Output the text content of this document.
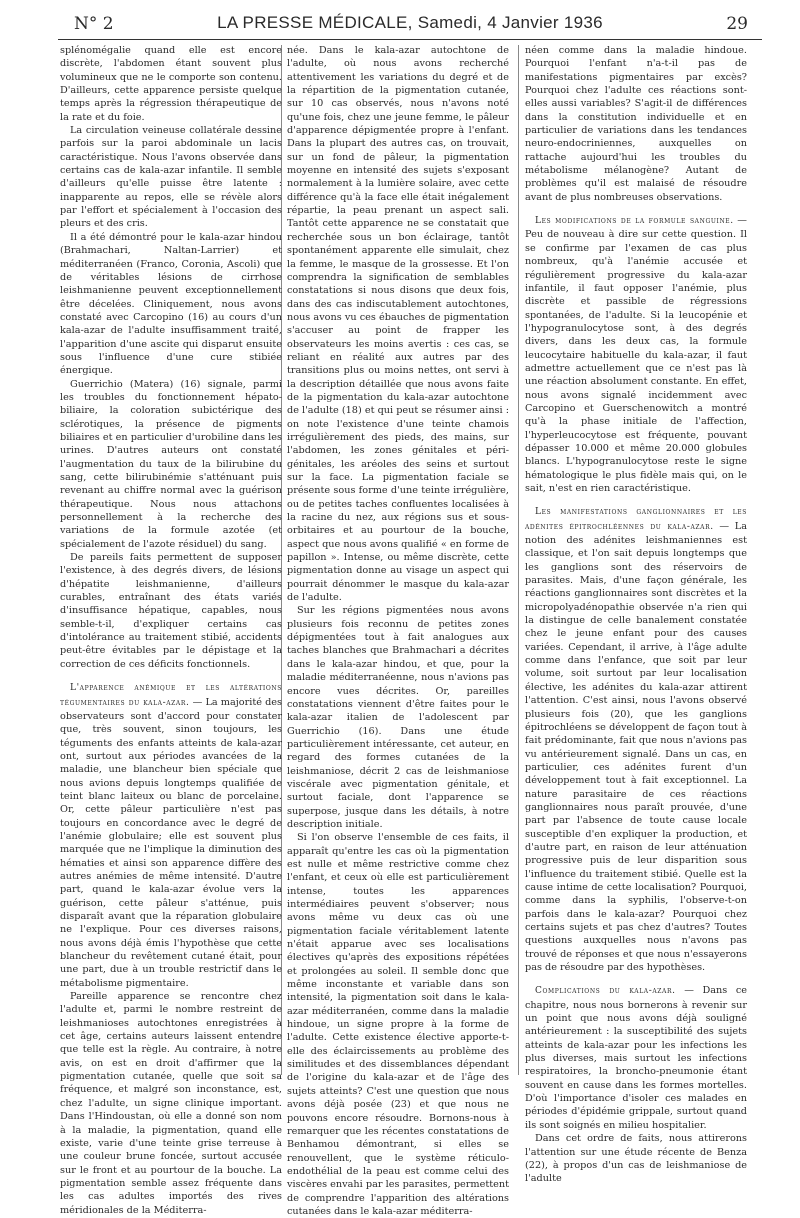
N° 2	LA PRESSE MÉDICALE, Samedi, 4 Janvier 1936	29

splénomégalie quand elle est encore discrète, l'abdomen étant souvent plus volumineux que ne le comporte son contenu. D'ailleurs, cette apparence persiste quelque temps après la régression thérapeutique de la rate et du foie.

La circulation veineuse collatérale dessine parfois sur la paroi abdominale un lacis caractéristique. Nous l'avons observée dans certains cas de kala-azar infantile. Il semble d'ailleurs qu'elle puisse être latente : inapparente au repos, elle se révèle alors par l'effort et spécialement à l'occasion des pleurs et des cris.

Il a été démontré pour le kala-azar hindou (Brahmachari, Naltan-Larrier) et méditerranéen (Franco, Coronia, Ascoli) que de véritables lésions de cirrhose leishmanienne peuvent exceptionnellement être décelées. Cliniquement, nous avons constaté avec Carcopino (16) au cours d'un kala-azar de l'adulte insuffisamment traité, l'apparition d'une ascite qui disparut ensuite sous l'influence d'une cure stibiée énergique.

Guerrichio (Matera) (16) signale, parmi les troubles du fonctionnement hépato-biliaire, la coloration subictérique des sclérotiques, la présence de pigments biliaires et en particulier d'urobiline dans les urines. D'autres auteurs ont constaté l'augmentation du taux de la bilirubine du sang, cette bilirubinémie s'atténuant puis revenant au chiffre normal avec la guérison thérapeutique. Nous nous attachons personnellement à la recherche des variations de la formule azotée (et spécialement de l'azote résiduel) du sang.

De pareils faits permettent de supposer l'existence, à des degrés divers, de lésions d'hépatite leishmanienne, d'ailleurs curables, entraînant des états variés d'insuffisance hépatique, capables, nous semble-t-il, d'expliquer certains cas d'intolérance au traitement stibié, accidents peut-être évitables par le dépistage et la correction de ces déficits fonctionnels.

L'apparence anémique et les altérations tégumentaires du kala-azar. — La majorité des observateurs sont d'accord pour constater que, très souvent, sinon toujours, les téguments des enfants atteints de kala-azar ont, surtout aux périodes avancées de la maladie, une blancheur bien spéciale que nous avions depuis longtemps qualifiée de teint blanc laiteux ou blanc de porcelaine. Or, cette pâleur particulière n'est pas toujours en concordance avec le degré de l'anémie globulaire; elle est souvent plus marquée que ne l'implique la diminution des hématies et ainsi son apparence diffère des autres anémies de même intensité. D'autre part, quand le kala-azar évolue vers la guérison, cette pâleur s'atténue, puis disparaît avant que la réparation globulaire ne l'explique. Pour ces diverses raisons, nous avons déjà émis l'hypothèse que cette blancheur du revêtement cutané était, pour une part, due à un trouble restrictif dans le métabolisme pigmentaire.

Pareille apparence se rencontre chez l'adulte et, parmi le nombre restreint de leishmanioses autochtones enregistrées à cet âge, certains auteurs laissent entendre que telle est la règle. Au contraire, à notre avis, on est en droit d'affirmer que la pigmentation cutanée, quelle que soit sa fréquence, et malgré son inconstance, est, chez l'adulte, un signe clinique important. Dans l'Hindoustan, où elle a donné son nom à la maladie, la pigmentation, quand elle existe, varie d'une teinte grise terreuse à une couleur brune foncée, surtout accusée sur le front et au pourtour de la bouche. La pigmentation semble assez fréquente dans les cas adultes importés des rives méridionales de la Méditerra-

née. Dans le kala-azar autochtone de l'adulte, où nous avons recherché attentivement les variations du degré et de la répartition de la pigmentation cutanée, sur 10 cas observés, nous n'avons noté qu'une fois, chez une jeune femme, le pâleur d'apparence dépigmentée propre à l'enfant. Dans la plupart des autres cas, on trouvait, sur un fond de pâleur, la pigmentation moyenne en intensité des sujets s'exposant normalement à la lumière solaire, avec cette différence qu'à la face elle était inégalement répartie, la peau prenant un aspect sali. Tantôt cette apparence ne se constatait que recherchée sous un bon éclairage, tantôt spontanément apparente elle simulait, chez la femme, le masque de la grossesse. Et l'on comprendra la signification de semblables constatations si nous disons que deux fois, dans des cas indiscutablement autochtones, nous avons vu ces ébauches de pigmentation s'accuser au point de frapper les observateurs les moins avertis : ces cas, se reliant en réalité aux autres par des transitions plus ou moins nettes, ont servi à la description détaillée que nous avons faite de la pigmentation du kala-azar autochtone de l'adulte (18) et qui peut se résumer ainsi : on note l'existence d'une teinte chamois irrégulièrement des pieds, des mains, sur l'abdomen, les zones génitales et péri-génitales, les aréoles des seins et surtout sur la face. La pigmentation faciale se présente sous forme d'une teinte irrégulière, ou de petites taches confluentes localisées à la racine du nez, aux régions sus et sous-orbitaires et au pourtour de la bouche, aspect que nous avons qualifié « en forme de papillon ». Intense, ou même discrète, cette pigmentation donne au visage un aspect qui pourrait dénommer le masque du kala-azar de l'adulte.

Sur les régions pigmentées nous avons plusieurs fois reconnu de petites zones dépigmentées tout à fait analogues aux taches blanches que Brahmachari a décrites dans le kala-azar hindou, et que, pour la maladie méditerranéenne, nous n'avions pas encore vues décrites. Or, pareilles constatations viennent d'être faites pour le kala-azar italien de l'adolescent par Guerrichio (16). Dans une étude particulièrement intéressante, cet auteur, en regard des formes cutanées de la leishmaniose, décrit 2 cas de leishmaniose viscérale avec pigmentation génitale, et surtout faciale, dont l'apparence se superpose, jusque dans les détails, à notre description initiale.

Si l'on observe l'ensemble de ces faits, il apparaît qu'entre les cas où la pigmentation est nulle et même restrictive comme chez l'enfant, et ceux où elle est particulièrement intense, toutes les apparences intermédiaires peuvent s'observer; nous avons même vu deux cas où une pigmentation faciale véritablement latente n'était apparue avec ses localisations électives qu'après des expositions répétées et prolongées au soleil. Il semble donc que même inconstante et variable dans son intensité, la pigmentation soit dans le kala-azar méditerranéen, comme dans la maladie hindoue, un signe propre à la forme de l'adulte. Cette existence élective apporte-t-elle des éclaircissements au problème des similitudes et des dissemblances dépendant de l'origine du kala-azar et de l'âge des sujets atteints? C'est une question que nous avons déjà posée (23) et que nous ne pouvons encore résoudre. Bornons-nous à remarquer que les récentes constatations de Benhamou démontrant, si elles se renouvellent, que le système réticulo-endothélial de la peau est comme celui des viscères envahi par les parasites, permettent de comprendre l'apparition des altérations cutanées dans le kala-azar méditerra-

néen comme dans la maladie hindoue. Pourquoi l'enfant n'a-t-il pas de manifestations pigmentaires par excès? Pourquoi chez l'adulte ces réactions sont-elles aussi variables? S'agit-il de différences dans la constitution individuelle et en particulier de variations dans les tendances neuro-endocriniennes, auxquelles on rattache aujourd'hui les troubles du métabolisme mélanogène? Autant de problèmes qu'il est malaisé de résoudre avant de plus nombreuses observations.

Les modifications de la formule sanguine. — Peu de nouveau à dire sur cette question. Il se confirme par l'examen de cas plus nombreux, qu'à l'anémie accusée et régulièrement progressive du kala-azar infantile, il faut opposer l'anémie, plus discrète et passible de régressions spontanées, de l'adulte. Si la leucopénie et l'hypogranulocytose sont, à des degrés divers, dans les deux cas, la formule leucocytaire habituelle du kala-azar, il faut admettre actuellement que ce n'est pas là une réaction absolument constante. En effet, nous avons signalé incidemment avec Carcopino et Guerschenowitch a montré qu'à la phase initiale de l'affection, l'hyperleucocytose est fréquente, pouvant dépasser 10.000 et même 20.000 globules blancs. L'hypogranulocytose reste le signe hématologique le plus fidèle mais qui, on le sait, n'est en rien caractéristique.

Les manifestations ganglionnaires et les adénites épitrochléennes du kala-azar. — La notion des adénites leishmaniennes est classique, et l'on sait depuis longtemps que les ganglions sont des réservoirs de parasites. Mais, d'une façon générale, les réactions ganglionnaires sont discrètes et la micropolyadénopathie observée n'a rien qui la distingue de celle banalement constatée chez le jeune enfant pour des causes variées. Cependant, il arrive, à l'âge adulte comme dans l'enfance, que soit par leur volume, soit surtout par leur localisation élective, les adénites du kala-azar attirent l'attention. C'est ainsi, nous l'avons observé plusieurs fois (20), que les ganglions épitrochléens se développent de façon tout à fait prédominante, fait que nous n'avions pas vu antérieurement signalé. Dans un cas, en particulier, ces adénites furent d'un développement tout à fait exceptionnel. La nature parasitaire de ces réactions ganglionnaires nous paraît prouvée, d'une part par l'absence de toute cause locale susceptible d'en expliquer la production, et d'autre part, en raison de leur atténuation progressive puis de leur disparition sous l'influence du traitement stibié. Quelle est la cause intime de cette localisation? Pourquoi, comme dans la syphilis, l'observe-t-on parfois dans le kala-azar? Pourquoi chez certains sujets et pas chez d'autres? Toutes questions auxquelles nous n'avons pas trouvé de réponses et que nous n'essayerons pas de résoudre par des hypothèses.

Complications du kala-azar. — Dans ce chapitre, nous nous bornerons à revenir sur un point que nous avons déjà souligné antérieurement : la susceptibilité des sujets atteints de kala-azar pour les infections les plus diverses, mais surtout les infections respiratoires, la broncho-pneumonie étant souvent en cause dans les formes mortelles. D'où l'importance d'isoler ces malades en périodes d'épidémie grippale, surtout quand ils sont soignés en milieu hospitalier.

Dans cet ordre de faits, nous attirerons l'attention sur une étude récente de Benza (22), à propos d'un cas de leishmaniose de l'adulte
